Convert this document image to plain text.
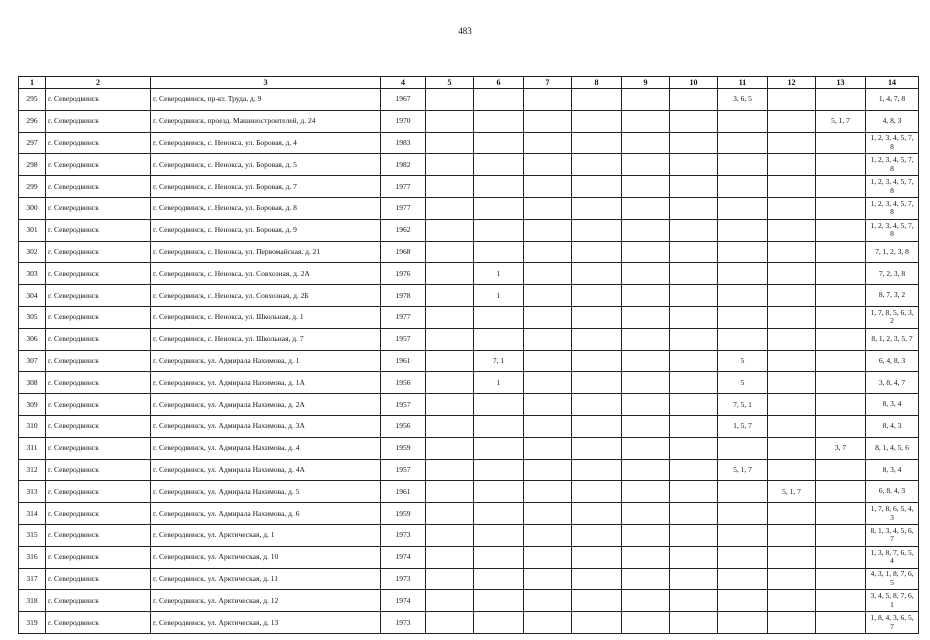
483
1	2	3	4	5	6	7	8	9	10	11	12	13	14
295	г. Северодвинск	г. Северодвинск, пр-кт. Труда, д. 9	1967							3, 6, 5			1, 4, 7, 8
296	г. Северодвинск	г. Северодвинск, проезд. Машиностроителей, д. 24	1970									5, 1, 7	4, 8, 3
297	г. Северодвинск	г. Северодвинск, с. Ненокса, ул. Боровая, д. 4	1983										1, 2, 3, 4, 5, 7, 8
298	г. Северодвинск	г. Северодвинск, с. Ненокса, ул. Боровая, д. 5	1982										1, 2, 3, 4, 5, 7, 8
299	г. Северодвинск	г. Северодвинск, с. Ненокса, ул. Боровая, д. 7	1977										1, 2, 3, 4, 5, 7, 8
300	г. Северодвинск	г. Северодвинск, с. Ненокса, ул. Боровая, д. 8	1977										1, 2, 3, 4, 5, 7, 8
301	г. Северодвинск	г. Северодвинск, с. Ненокса, ул. Боровая, д. 9	1962										1, 2, 3, 4, 5, 7, 8
302	г. Северодвинск	г. Северодвинск, с. Ненокса, ул. Первомайская, д. 21	1968										7, 1, 2, 3, 8
303	г. Северодвинск	г. Северодвинск, с. Ненокса, ул. Совхозная, д. 2А	1976		1								7, 2, 3, 8
304	г. Северодвинск	г. Северодвинск, с. Ненокса, ул. Совхозная, д. 2Б	1978		1								8, 7, 3, 2
305	г. Северодвинск	г. Северодвинск, с. Ненокса, ул. Школьная, д. 1	1977										1, 7, 8, 5, 6, 3, 2
306	г. Северодвинск	г. Северодвинск, с. Ненокса, ул. Школьная, д. 7	1957										8, 1, 2, 3, 5, 7
307	г. Северодвинск	г. Северодвинск, ул. Адмирала Нахимова, д. 1	1961		7, 1					5			6, 4, 8, 3
308	г. Северодвинск	г. Северодвинск, ул. Адмирала Нахимова, д. 1А	1956		1					5			3, 8, 4, 7
309	г. Северодвинск	г. Северодвинск, ул. Адмирала Нахимова, д. 2А	1957							7, 5, 1			8, 3, 4
310	г. Северодвинск	г. Северодвинск, ул. Адмирала Нахимова, д. 3А	1956							1, 5, 7			8, 4, 3
311	г. Северодвинск	г. Северодвинск, ул. Адмирала Нахимова, д. 4	1959									3, 7	8, 1, 4, 5, 6
312	г. Северодвинск	г. Северодвинск, ул. Адмирала Нахимова, д. 4А	1957							5, 1, 7			8, 3, 4
313	г. Северодвинск	г. Северодвинск, ул. Адмирала Нахимова, д. 5	1961								5, 1, 7		6, 8, 4, 3
314	г. Северодвинск	г. Северодвинск, ул. Адмирала Нахимова, д. 6	1959										1, 7, 8, 6, 5, 4, 3
315	г. Северодвинск	г. Северодвинск, ул. Арктическая, д. 1	1973										8, 1, 3, 4, 5, 6, 7
316	г. Северодвинск	г. Северодвинск, ул. Арктическая, д. 10	1974										1, 3, 8, 7, 6, 5, 4
317	г. Северодвинск	г. Северодвинск, ул. Арктическая, д. 11	1973										4, 3, 1, 8, 7, 6, 5
318	г. Северодвинск	г. Северодвинск, ул. Арктическая, д. 12	1974										3, 4, 5, 8, 7, 6, 1
319	г. Северодвинск	г. Северодвинск, ул. Арктическая, д. 13	1973										1, 8, 4, 3, 6, 5, 7
